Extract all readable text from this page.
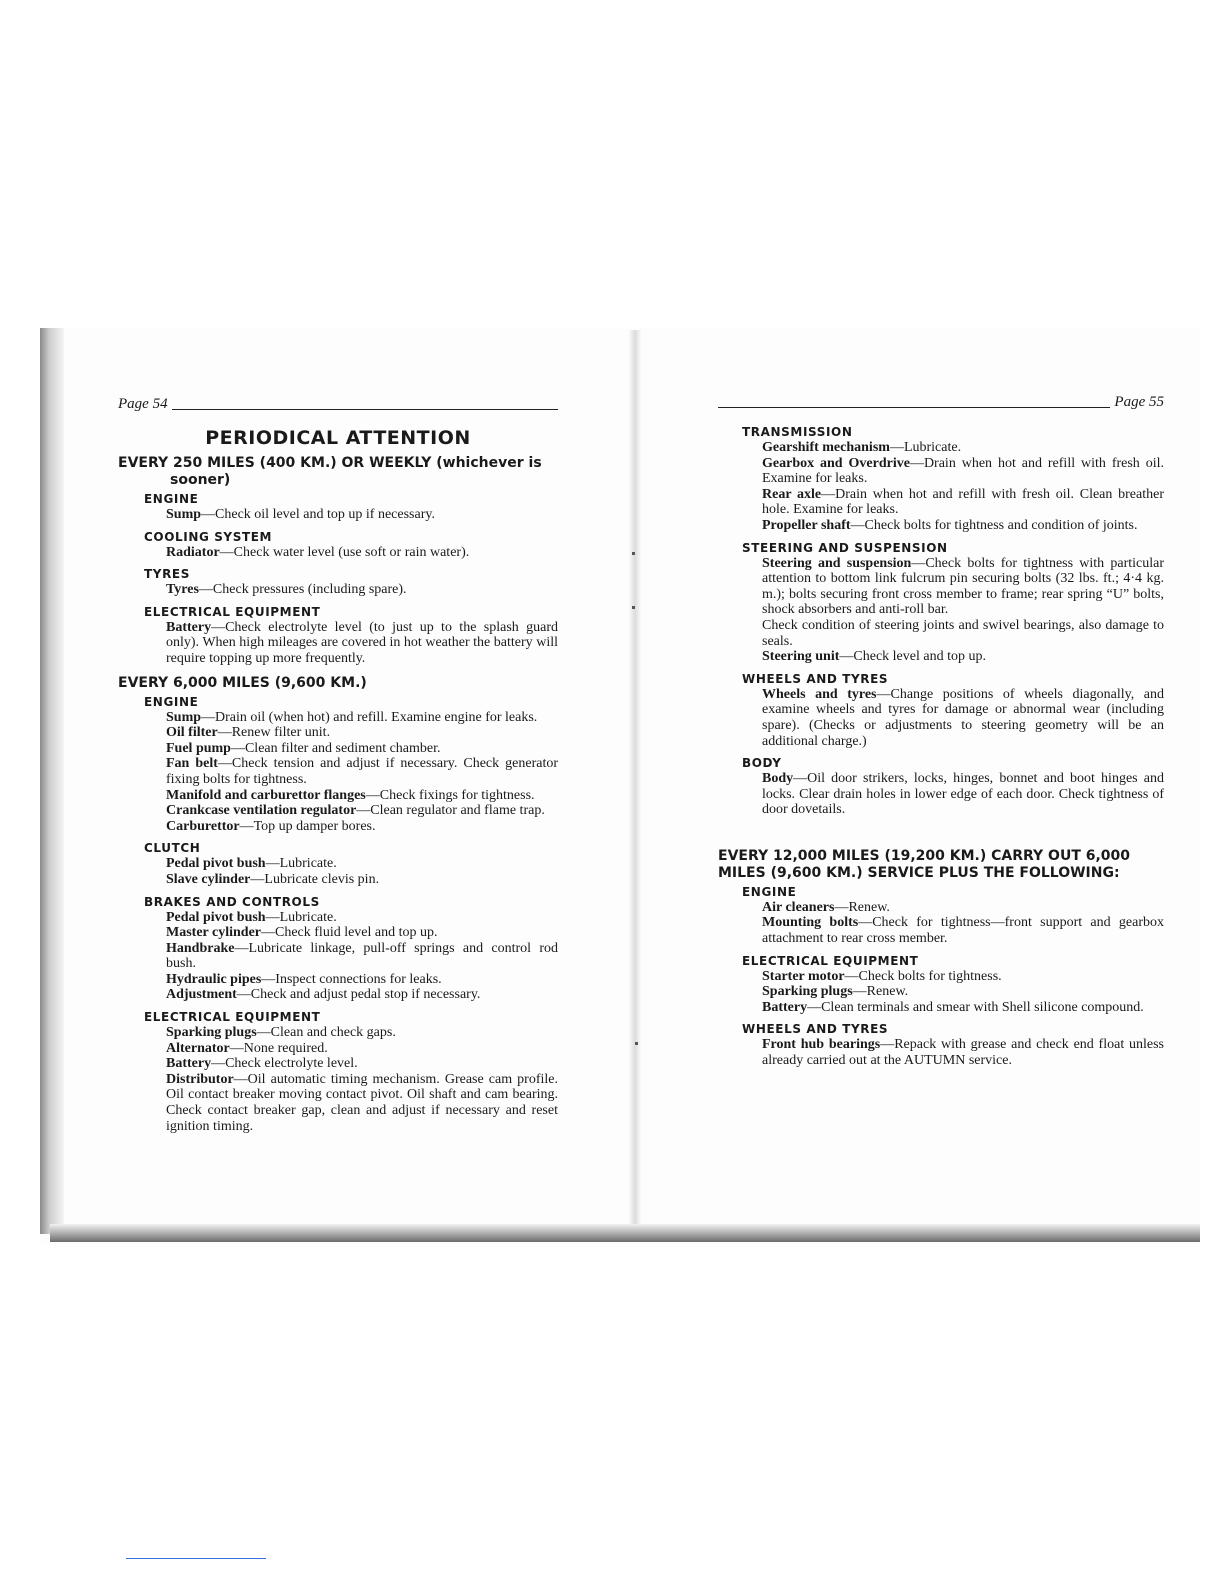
Page 54
PERIODICAL ATTENTION
EVERY 250 MILES (400 KM.) OR WEEKLY (whichever is sooner)
ENGINE

Sump—Check oil level and top up if necessary.

COOLING SYSTEM

Radiator—Check water level (use soft or rain water).

TYRES

Tyres—Check pressures (including spare).

ELECTRICAL EQUIPMENT

Battery—Check electrolyte level (to just up to the splash guard only). When high mileages are covered in hot weather the battery will require topping up more frequently.

EVERY 6,000 MILES (9,600 KM.)
ENGINE

Sump—Drain oil (when hot) and refill. Examine engine for leaks.

Oil filter—Renew filter unit.

Fuel pump—Clean filter and sediment chamber.

Fan belt—Check tension and adjust if necessary. Check generator fixing bolts for tightness.

Manifold and carburettor flanges—Check fixings for tightness.

Crankcase ventilation regulator—Clean regulator and flame trap.

Carburettor—Top up damper bores.

CLUTCH

Pedal pivot bush—Lubricate.

Slave cylinder—Lubricate clevis pin.

BRAKES AND CONTROLS

Pedal pivot bush—Lubricate.

Master cylinder—Check fluid level and top up.

Handbrake—Lubricate linkage, pull-off springs and control rod bush.

Hydraulic pipes—Inspect connections for leaks.

Adjustment—Check and adjust pedal stop if necessary.

ELECTRICAL EQUIPMENT

Sparking plugs—Clean and check gaps.

Alternator—None required.

Battery—Check electrolyte level.

Distributor—Oil automatic timing mechanism. Grease cam profile. Oil contact breaker moving contact pivot. Oil shaft and cam bearing. Check contact breaker gap, clean and adjust if necessary and reset ignition timing.

Page 55
TRANSMISSION

Gearshift mechanism—Lubricate.

Gearbox and Overdrive—Drain when hot and refill with fresh oil. Examine for leaks.

Rear axle—Drain when hot and refill with fresh oil. Clean breather hole. Examine for leaks.

Propeller shaft—Check bolts for tightness and condition of joints.

STEERING AND SUSPENSION

Steering and suspension—Check bolts for tightness with particular attention to bottom link fulcrum pin securing bolts (32 lbs. ft.; 4·4 kg. m.); bolts securing front cross member to frame; rear spring “U” bolts, shock absorbers and anti-roll bar.

Check condition of steering joints and swivel bearings, also damage to seals.

Steering unit—Check level and top up.

WHEELS AND TYRES

Wheels and tyres—Change positions of wheels diagonally, and examine wheels and tyres for damage or abnormal wear (including spare). (Checks or adjustments to steering geometry will be an additional charge.)

BODY

Body—Oil door strikers, locks, hinges, bonnet and boot hinges and locks. Clear drain holes in lower edge of each door. Check tightness of door dovetails.

EVERY 12,000 MILES (19,200 KM.) CARRY OUT 6,000 MILES (9,600 KM.) SERVICE PLUS THE FOLLOWING:
ENGINE

Air cleaners—Renew.

Mounting bolts—Check for tightness—front support and gearbox attachment to rear cross member.

ELECTRICAL EQUIPMENT

Starter motor—Check bolts for tightness.

Sparking plugs—Renew.

Battery—Clean terminals and smear with Shell silicone compound.

WHEELS AND TYRES

Front hub bearings—Repack with grease and check end float unless already carried out at the AUTUMN service.
